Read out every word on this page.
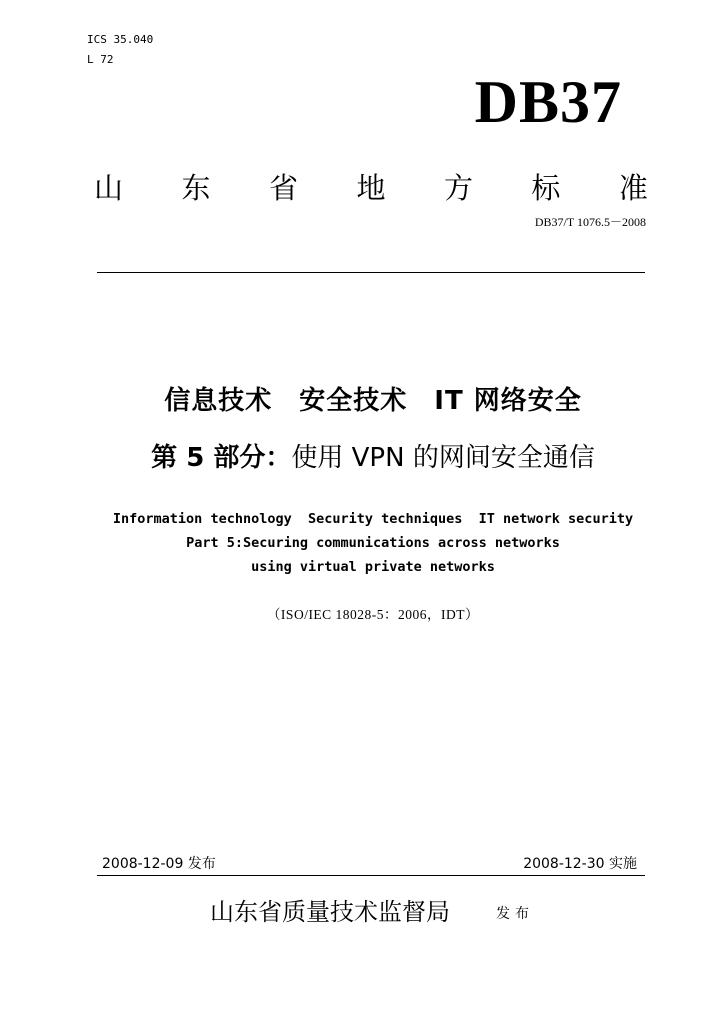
ICS 35.040
L 72
DB37
山 东 省 地 方 标 准
DB37/T 1076.5－2008
信息技术　安全技术　IT 网络安全
第 5 部分：使用 VPN 的网间安全通信
Information technology  Security techniques  IT network security
Part 5:Securing communications across networks
using virtual private networks
（ISO/IEC 18028-5：2006，IDT）
2008-12-09 发布	2008-12-30 实施
山东省质量技术监督局	发布
